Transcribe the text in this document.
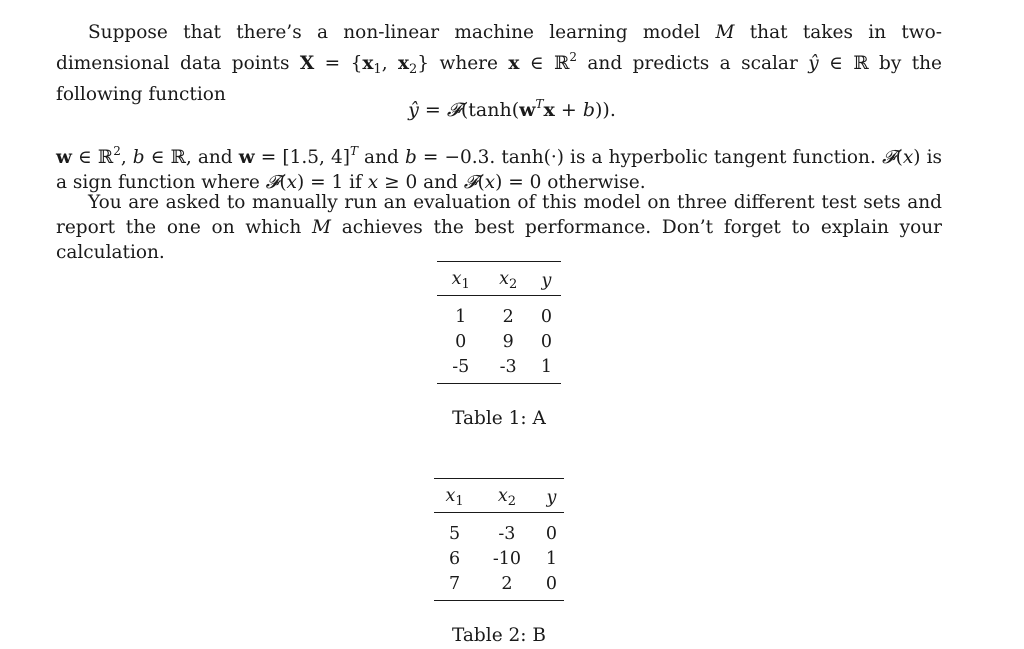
Suppose that there’s a non-linear machine learning model M that takes in two-dimensional data points $X = \{x_1$, $x_2$} where x ∈ ℝ$^2$ and predicts a scalar ŷ ∈ ℝ by the following function
ŷ = $𝓕(\tanh(w^Tx + b))$.
w ∈ ℝ$^2$, b ∈ ℝ, and w = [1.5, 4]$^T$ and b = −0.3. tanh(·) is a hyperbolic tangent function. 𝓕(x) is a sign function where 𝓕(x) = 1 if x ≥ 0 and 𝓕(x) = 0 otherwise.
You are asked to manually run an evaluation of this model on three different test sets and report the one on which M achieves the best performance. Don’t forget to explain your calculation.
$x_1$	$x_2$	y
1	2	0
0	9	0
-5	-3	1
Table 1: A
$x_1$	$x_2$	y
5	-3	0
6	-10	1
7	2	0
Table 2: B
